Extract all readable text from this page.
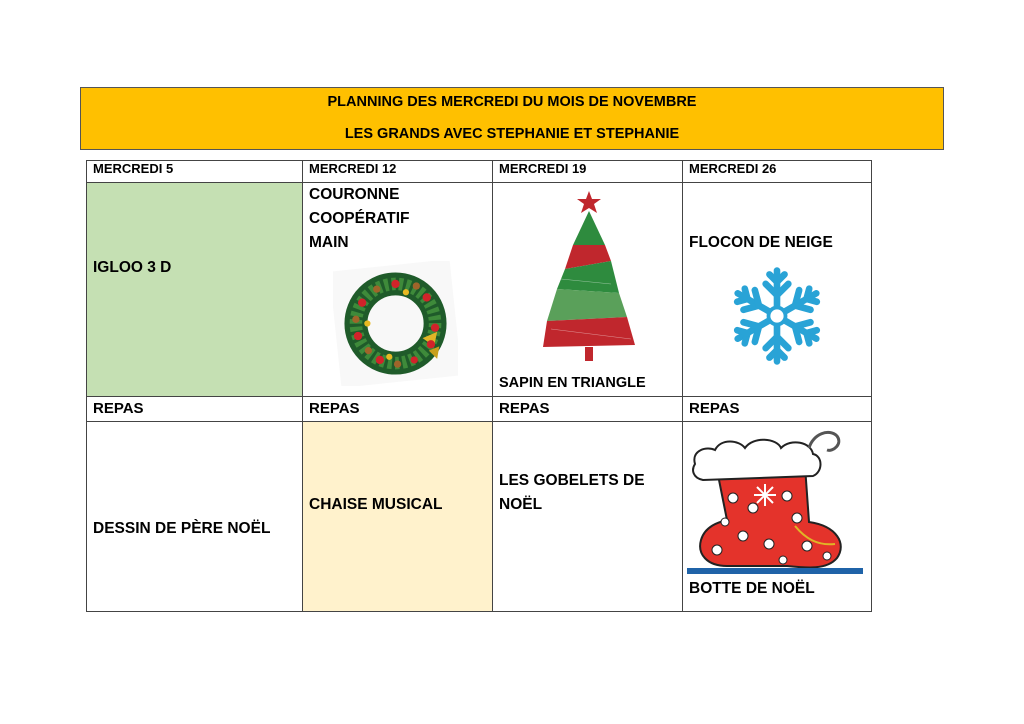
PLANNING DES MERCREDI DU MOIS DE NOVEMBRE
LES GRANDS AVEC STEPHANIE ET STEPHANIE
MERCREDI 5	MERCREDI 12	MERCREDI 19	MERCREDI 26

IGLOO 3 D	COURONNE
COOPÉRATIF
MAIN	SAPIN EN TRIANGLE	FLOCON DE NEIGE

REPAS	REPAS	REPAS	REPAS

DESSIN DE PÈRE NOËL	CHAISE MUSICAL	LES GOBELETS DE
NOËL	BOTTE DE NOËL
